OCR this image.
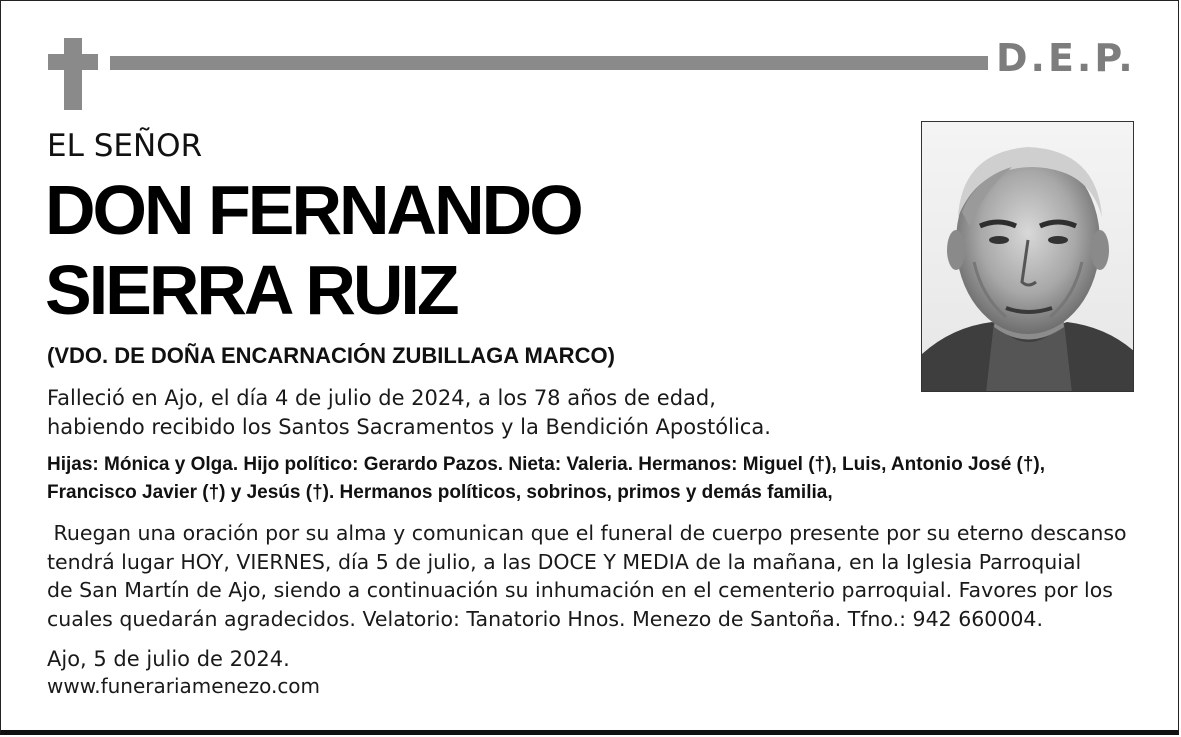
D.E.P.
EL SEÑOR
DON FERNANDO
SIERRA RUIZ
(VDO. DE DOÑA ENCARNACIÓN ZUBILLAGA MARCO)
Falleció en Ajo, el día 4 de julio de 2024, a los 78 años de edad,
habiendo recibido los Santos Sacramentos y la Bendición Apostólica.
Hijas: Mónica y Olga. Hijo político: Gerardo Pazos. Nieta: Valeria. Hermanos: Miguel (†), Luis, Antonio José (†),
Francisco Javier (†) y Jesús (†). Hermanos políticos, sobrinos, primos y demás familia,
Ruegan una oración por su alma y comunican que el funeral de cuerpo presente por su eterno descanso
tendrá lugar HOY, VIERNES, día 5 de julio, a las DOCE Y MEDIA de la mañana, en la Iglesia Parroquial
de San Martín de Ajo, siendo a continuación su inhumación en el cementerio parroquial. Favores por los
cuales quedarán agradecidos. Velatorio: Tanatorio Hnos. Menezo de Santoña. Tfno.: 942 660004.
Ajo, 5 de julio de 2024.
www.funerariamenezo.com
